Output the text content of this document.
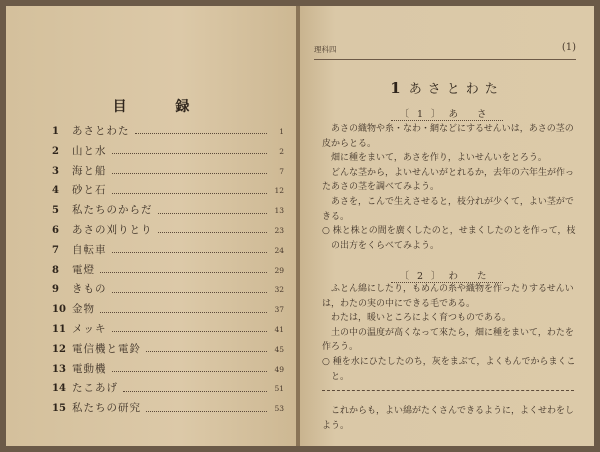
目 録
1	あさとわた	1
2	山と水	2
3	海と船	7
4	砂と石	12
5	私たちのからだ	13
6	あさの刈りとり	23
7	自転車	24
8	電燈	29
9	きもの	32
10 金物	37
11 メッキ	41
12 電信機と電鈴	45
13 電動機	49
14 たこあげ	51
15 私たちの研究	53
理科四	(1)
1 あさとわた
〔1〕あ さ

あさの織物や糸・なわ・網などにするせんいは，あさの茎の皮からとる。

畑に種をまいて，あさを作り，よいせんいをとろう。

どんな茎から，よいせんいがとれるか，去年の六年生が作ったあさの茎を調べてみよう。

あさを，こんで生えさせると，枝分れが少くて，よい茎ができる。

○ 株と株との間を廣くしたのと，せまくしたのとを作って，枝の出方をくらべてみよう。

〔2〕わ た

ふとん綿にしたり，もめんの糸や織物を作ったりするせんいは，わたの実の中にできる毛である。

わたは，暖いところによく育つものである。

土の中の温度が高くなって來たら，畑に種をまいて，わたを作ろう。

○ 種を水にひたしたのち，灰をまぶて，よくもんでからまくこと。

これからも，よい綿がたくさんできるように，よくせわをしよう。
